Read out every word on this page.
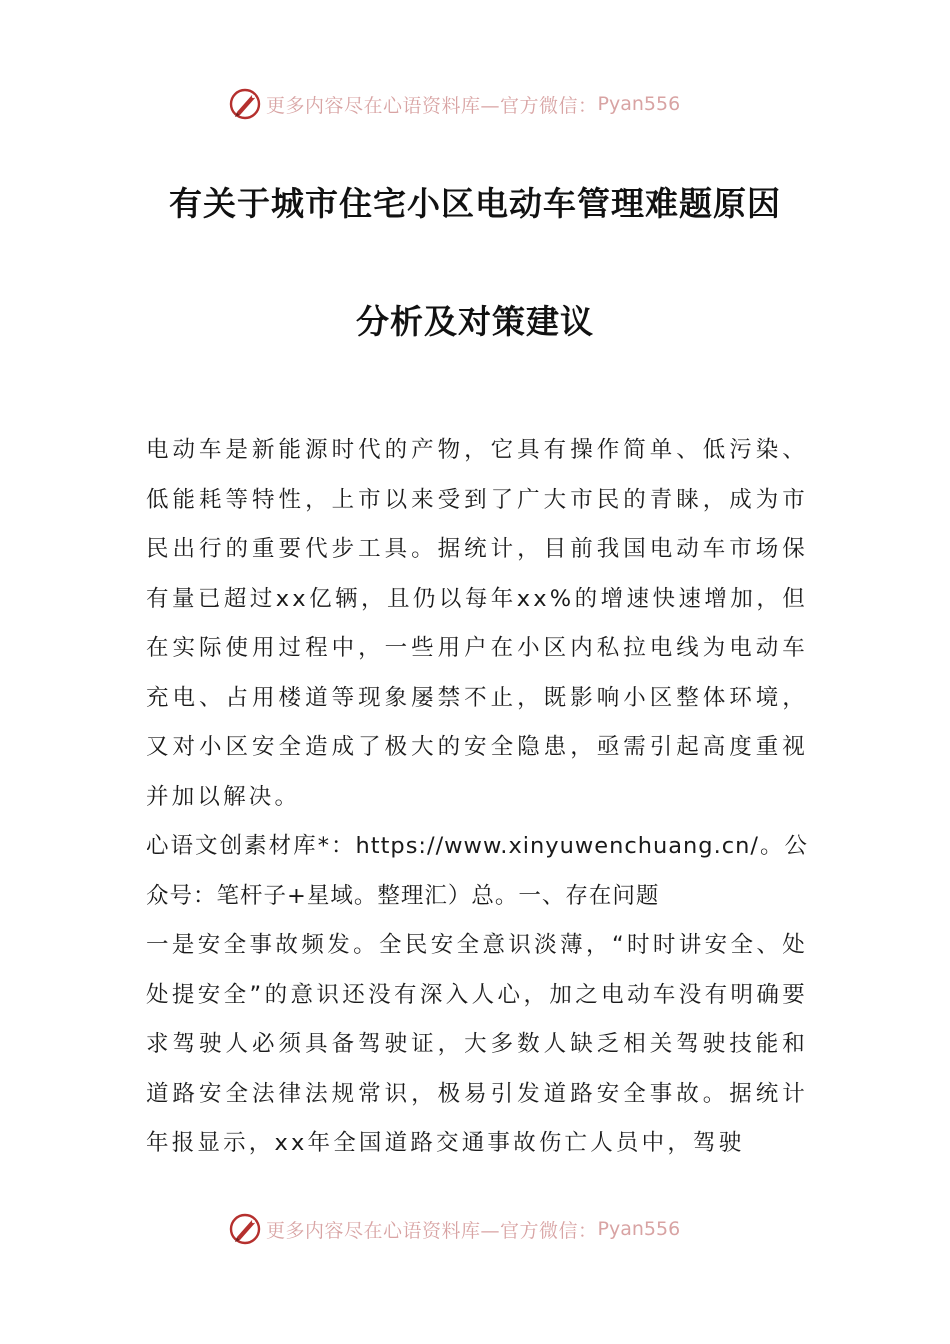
更多内容尽在心语资料库—官方微信： Pyan556
有关于城市住宅小区电动车管理难题原因
分析及对策建议

电动车是新能源时代的产物，它具有操作简单、低污染、低能耗等特性，上市以来受到了广大市民的青睐，成为市民出行的重要代步工具。据统计，目前我国电动车市场保有量已超过xx亿辆，且仍以每年xx%的增速快速增加，但在实际使用过程中，一些用户在小区内私拉电线为电动车充电、占用楼道等现象屡禁不止，既影响小区整体环境，又对小区安全造成了极大的安全隐患，亟需引起高度重视并加以解决。

心语文创素材库*：https://www.xinyuwenchuang.cn/。公众号：笔杆子+星域。整理汇）总。一、存在问题

一是安全事故频发。全民安全意识淡薄，“时时讲安全、处处提安全”的意识还没有深入人心，加之电动车没有明确要求驾驶人必须具备驾驶证，大多数人缺乏相关驾驶技能和道路安全法律法规常识，极易引发道路安全事故。据统计年报显示，xx年全国道路交通事故伤亡人员中，驾驶

更多内容尽在心语资料库—官方微信： Pyan556
